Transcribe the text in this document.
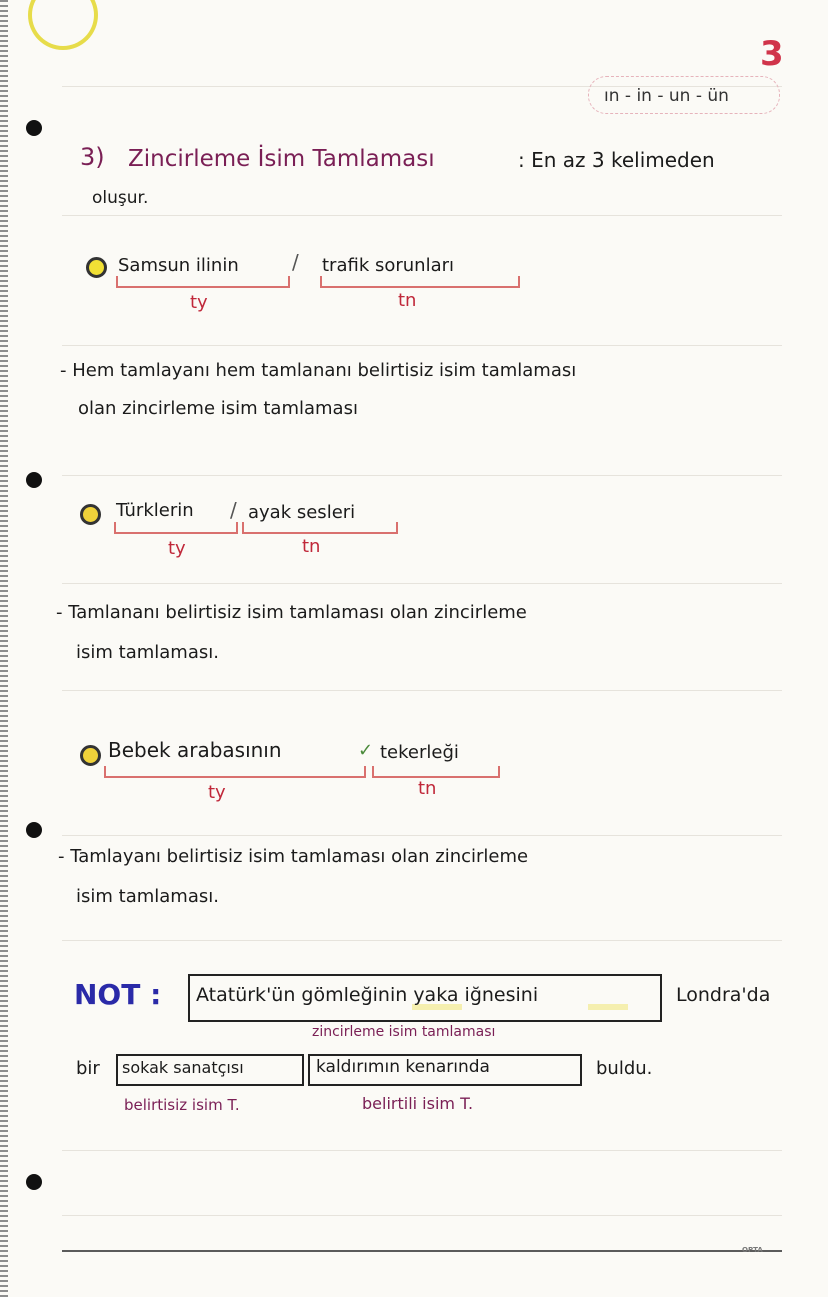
3
ın - in - un - ün
3) Zincirleme İsim Tamlaması	: En az 3 kelimeden
oluşur.
Samsun ilinin	/ trafik sorunları
ty	tn
- Hem tamlayanı hem tamlananı belirtisiz isim tamlaması
olan zincirleme isim tamlaması
Türklerin / ayak sesleri
ty	tn
- Tamlananı belirtisiz isim tamlaması olan zincirleme
isim tamlaması.
Bebek arabasının	✓ tekerleği
ty	tn
- Tamlayanı belirtisiz isim tamlaması olan zincirleme
isim tamlaması.
NOT : Atatürk'ün gömleğinin yaka iğnesini	Londra'da
zincirleme isim tamlaması
bir sokak sanatçısı	kaldırımın kenarında	buldu.
belirtisiz isim T.	belirtili isim T.
OPTA
